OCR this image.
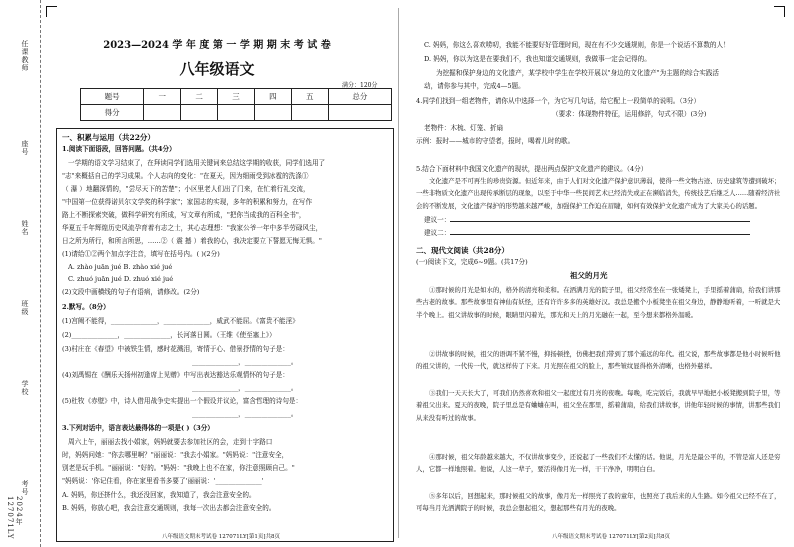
2024年127071LY
考号
学校
班级
姓名
座号
任课教师	2023—2024 学 年 度 第 一 学 期 期 末 考 试 卷
八年级语文
满分：120分
题号	一	二	三	四	五	总分
得分						
一、积累与运用（共22分）
1.阅读下面语段，回答问题。（共4分）
一学期的语文学习结束了，在拜读同学们选用关键词来总结这学期的收获，同学们选用了
"志"来概括自己的学习成果。个人志向的变化："在夏天，因为细雨受到冰雹的洗涤①
（ 瀑 ）地翻深情的，"尝尽天下的苦楚"；小区里老人们出了门来，在忙着行礼交流，
"中国第一位获得诺贝尔文学奖的科学家"；家国志的实现，多年的积累和努力，在写作
路上不断探索突破，做科学研究有所成，写文章有所成，"把你当成我的百科全书"，
华夏五千年辉煌历史风流孕育着有志之士，其心志理想："我家公爷一年中多半劳碌风尘，
日之所为所行，和所言所思，……②（ 震 撼 ）着我的心，我决定要立下誓愿无悔无惧。"
(1)请给①②两个加点字注音，填写在括号内。( )(2分)
A. zhào juān jué B. zhào xié jué
C. zhuó juān jué D. zhuó xié jué
(2)文段中画横线的句子有语病，请修改。(2分)
2.默写。（8分）
(1)宫阙不能得，______________，______________，威武不能屈。《富贵不能淫》
(2)______________，______________，长河落日圆。（王维《使至塞上》）
(3)村庄在《春望》中被铁生情，感时花溅泪，寄情于心、借景抒情的句子是：
______________，______________。
(4)刘禹锡在《酬乐天扬州初逢席上见赠》中写出表达豁达乐观情怀的句子是：
______________，______________。
(5)杜牧《赤壁》中，诗人借用战争史实提出一个假设并议论，富含哲理的诗句是：
______________，______________。
3.下列对话中，语言表达最得体的一项是( )（3分）
周六上午，丽丽去找小娟家，妈妈就要去参加社区的会，走到十字路口
时，妈妈问她："你去哪里啊？"丽丽说："我去小娟家。"妈妈说："注意安全，
别老是玩手机。"丽丽说："好的。"妈妈："我晚上也不在家，你注意照顾自己。"
"妈妈说：'你记住看，你在家里看书多要了'丽丽说：'______________'
A. 妈妈，你还挤什么，我还没回家，我知道了，我会注意安全的。
B. 妈妈，你放心吧，我会注意交通规则，我每一次出去都会注意安全的。
八年级语文期末考试卷 127071LY[第1页]共8页
C. 妈妈，你这么喜欢唠叨，我能不能要好好管理时间，现在有不少交通规则，你是一个说话不算数的人！
D. 妈妈，你以为这是在要我们不，我也知道交通规则，我做事一定会记得的。
为挖掘和保护身边的文化遗产，某学校中学生在学校开展以"身边的文化遗产"为主题的综合实践活
动，请你参与其中，完成4—5题。
4.同学们找到一组老物件，请你从中选择一个，为它写几句话，给它配上一段简单的说明。（3分）
（要求：体现物件特征，运用修辞，句式不限）(3分)
老物件：木梳、灯笼、折扇
示例：报时——城市的守望者，报时，喝着儿时的歌。
5.结合下面材料中我国文化遗产的现状，提出两点保护文化遗产的建议。（4分）
文化遗产是不可再生的珍贵资源。但近年来，由于人们对文化遗产保护意识薄弱，使得一些文物古迹、历史建筑等遭到破坏；一些非物质文化遗产出现传承断层的现象，以至于中华一些民间艺术已经消失或正在濒临消失，传统技艺后继乏人……随着经济社会的不断发展，文化遗产保护的形势越来越严峻，加强保护工作迫在眉睫，如何有效保护文化遗产成为了大家关心的话题。
建议一：
建议二：
二、现代文阅读（共28分）
(一)阅读下文，完成6~9题。(共17分)
祖父的月光
①那时候的月光是如水的，格外的清亮和柔和。在洒满月光的院子里，祖父经常坐在一张矮凳上，手里摇着蒲扇，给我们讲那些古老的故事。那些故事里有神仙有妖怪，还有许许多多的英雄好汉。我总是搬个小板凳坐在祖父身边，静静地听着，一听就是大半个晚上。祖父讲故事的时候，眼睛里闪着光，那光和天上的月光融在一起，至今想来都格外温暖。
②讲故事的时候，祖父的语调不紧不慢，抑扬顿挫，仿佛把我们带到了那个遥远的年代。祖父说，那些故事都是他小时候听他的祖父讲的，一代传一代，就这样传了下来。月光照在祖父的脸上，那些皱纹显得格外清晰，也格外慈祥。
③我们一天天长大了，可我们仍然喜欢和祖父一起度过有月亮的夜晚。每晚，吃完饭后，我就早早地把小板凳搬到院子里，等着祖父出来。夏天的夜晚，院子里总是有蛐蛐在叫，祖父坐在那里，摇着蒲扇，给我们讲故事，讲他年轻时候的事情，讲那些我们从来没有听过的故事。
④那时候，祖父年龄越来越大，不仅讲故事变少，还说起了一些我们不太懂的话。他说，月光是最公平的，不管是富人还是穷人，它都一样地照着。他说，人这一辈子，要活得像月光一样，干干净净，明明白白。
⑤多年以后，回想起来，那时候祖父的故事，像月光一样照亮了我的童年，也照亮了我后来的人生路。如今祖父已经不在了，可每当月光洒满院子的时候，我总会想起祖父，想起那些有月光的夜晚。
八年级语文期末考试卷 127071LY[第2页]共8页
